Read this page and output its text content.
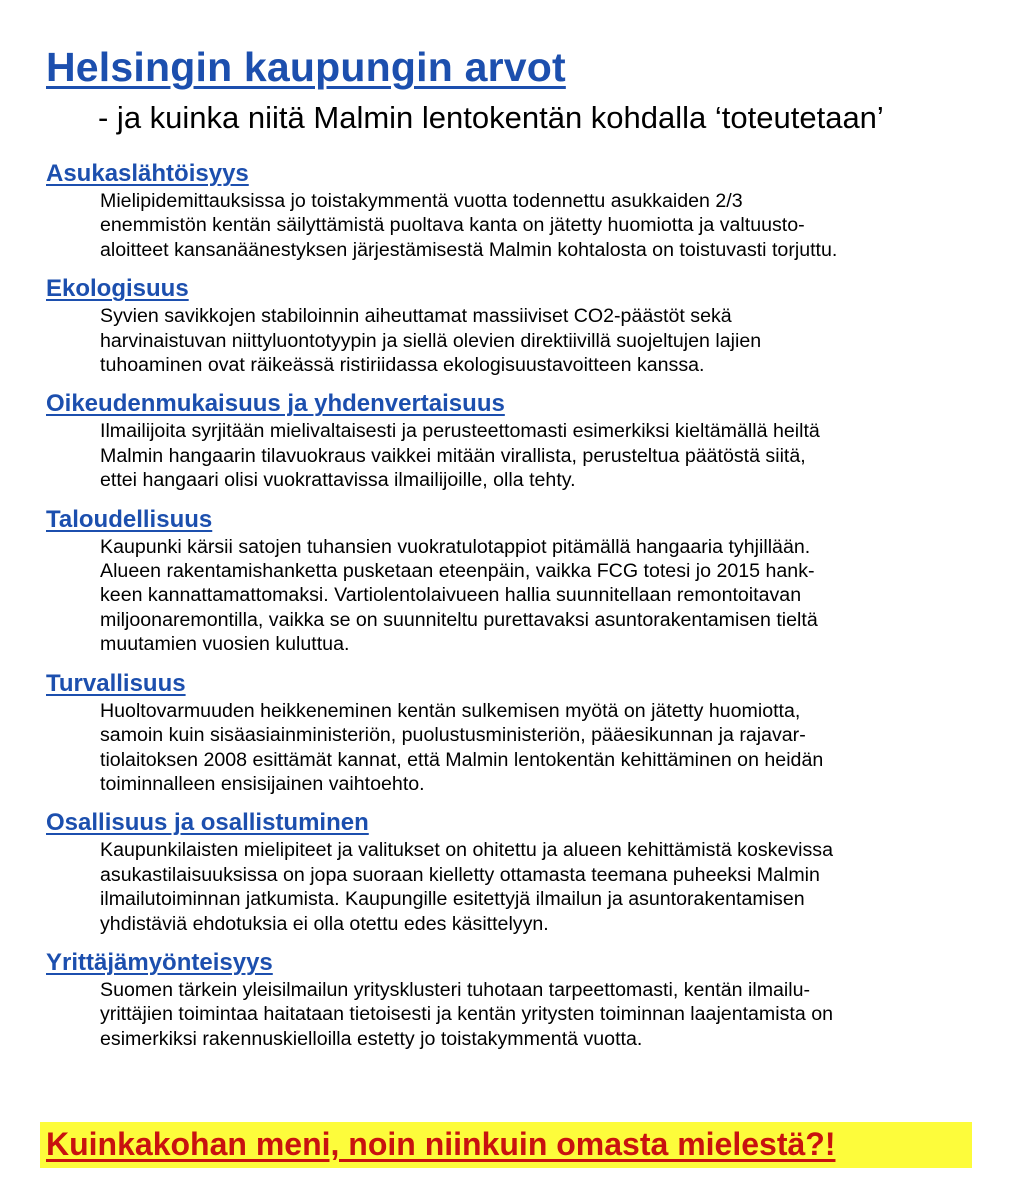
Helsingin kaupungin arvot
- ja kuinka niitä Malmin lentokentän kohdalla ‘toteutetaan’
Asukaslähtöisyys
Mielipidemittauksissa jo toistakymmentä vuotta todennettu asukkaiden 2/3
enemmistön kentän säilyttämistä puoltava kanta on jätetty huomiotta ja valtuusto-
aloitteet kansanäänestyksen järjestämisestä Malmin kohtalosta on toistuvasti torjuttu.
Ekologisuus
Syvien savikkojen stabiloinnin aiheuttamat massiiviset CO2-päästöt sekä
harvinaistuvan niittyluontotyypin ja siellä olevien direktiivillä suojeltujen lajien
tuhoaminen ovat räikeässä ristiriidassa ekologisuustavoitteen kanssa.
Oikeudenmukaisuus ja yhdenvertaisuus
Ilmailijoita syrjitään mielivaltaisesti ja perusteettomasti esimerkiksi kieltämällä heiltä
Malmin hangaarin tilavuokraus vaikkei mitään virallista, perusteltua päätöstä siitä,
ettei hangaari olisi vuokrattavissa ilmailijoille, olla tehty.
Taloudellisuus
Kaupunki kärsii satojen tuhansien vuokratulotappiot pitämällä hangaaria tyhjillään.
Alueen rakentamishanketta pusketaan eteenpäin, vaikka FCG totesi jo 2015 hank-
keen kannattamattomaksi. Vartiolentolaivueen hallia suunnitellaan remontoitavan
miljoonaremontilla, vaikka se on suunniteltu purettavaksi asuntorakentamisen tieltä
muutamien vuosien kuluttua.
Turvallisuus
Huoltovarmuuden heikkeneminen kentän sulkemisen myötä on jätetty huomiotta,
samoin kuin sisäasiainministeriön, puolustusministeriön, pääesikunnan ja rajavar-
tiolaitoksen 2008 esittämät kannat, että Malmin lentokentän kehittäminen on heidän
toiminnalleen ensisijainen vaihtoehto.
Osallisuus ja osallistuminen
Kaupunkilaisten mielipiteet ja valitukset on ohitettu ja alueen kehittämistä koskevissa
asukastilaisuuksissa on jopa suoraan kielletty ottamasta teemana puheeksi Malmin
ilmailutoiminnan jatkumista. Kaupungille esitettyjä ilmailun ja asuntorakentamisen
yhdistäviä ehdotuksia ei olla otettu edes käsittelyyn.
Yrittäjämyönteisyys
Suomen tärkein yleisilmailun yritysklusteri tuhotaan tarpeettomasti, kentän ilmailu-
yrittäjien toimintaa haitataan tietoisesti ja kentän yritysten toiminnan laajentamista on
esimerkiksi rakennuskielloilla estetty jo toistakymmentä vuotta.
Kuinkakohan meni, noin niinkuin omasta mielestä?!
